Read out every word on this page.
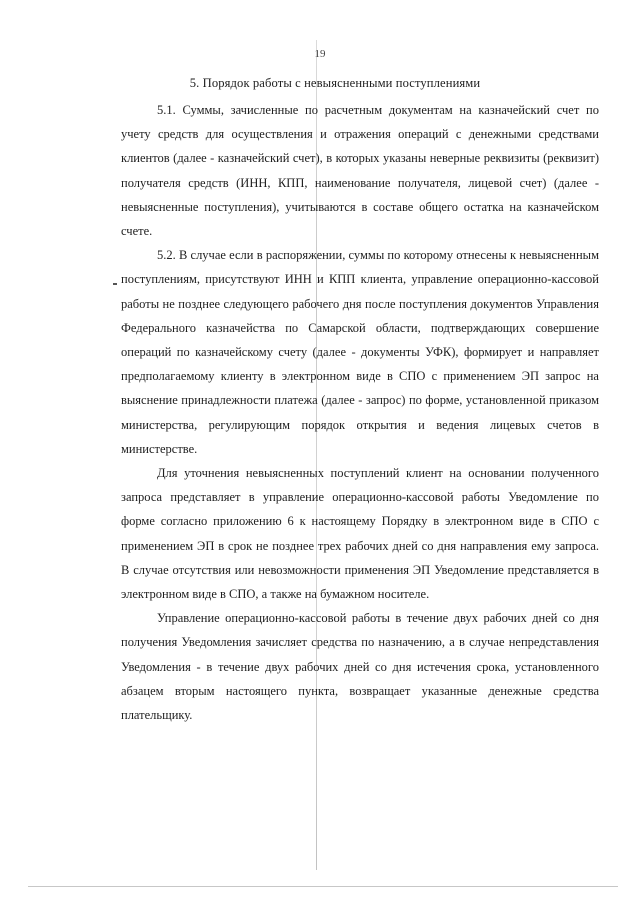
19
5. Порядок работы с невыясненными поступлениями

5.1. Суммы, зачисленные по расчетным документам на казначейский счет по учету средств для осуществления и отражения операций с денежными средствами клиентов (далее - казначейский счет), в которых указаны неверные реквизиты (реквизит) получателя средств (ИНН, КПП, наименование получателя, лицевой счет) (далее - невыясненные поступления), учитываются в составе общего остатка на казначейском счете.

5.2. В случае если в распоряжении, суммы по которому отнесены к невыясненным поступлениям, присутствуют ИНН и КПП клиента, управление операционно-кассовой работы не позднее следующего рабочего дня после поступления документов Управления Федерального казначейства по Самарской области, подтверждающих совершение операций по казначейскому счету (далее - документы УФК), формирует и направляет предполагаемому клиенту в электронном виде в СПО с применением ЭП запрос на выяснение принадлежности платежа (далее - запрос) по форме, установленной приказом министерства, регулирующим порядок открытия и ведения лицевых счетов в министерстве.

Для уточнения невыясненных поступлений клиент на основании полученного запроса представляет в управление операционно-кассовой работы Уведомление по форме согласно приложению 6 к настоящему Порядку в электронном виде в СПО с применением ЭП в срок не позднее трех рабочих дней со дня направления ему запроса. В случае отсутствия или невозможности применения ЭП Уведомление представляется в электронном виде в СПО, а также на бумажном носителе.

Управление операционно-кассовой работы в течение двух рабочих дней со дня получения Уведомления зачисляет средства по назначению, а в случае непредставления Уведомления - в течение двух рабочих дней со дня истечения срока, установленного абзацем вторым настоящего пункта, возвращает указанные денежные средства плательщику.
